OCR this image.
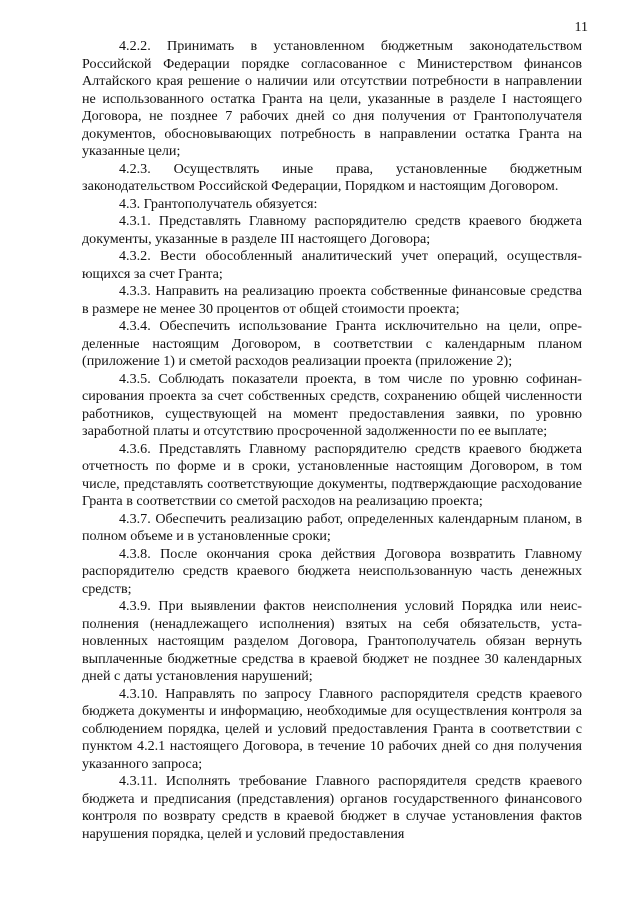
11

4.2.2. Принимать в установленном бюджетным законодательством Российской Федерации порядке согласованное с Министерством финансов Алтайского края решение о наличии или отсутствии потребности в направлении не использованного остатка Гранта на цели, указанные в разделе I настоящего Договора, не позднее 7 рабочих дней со дня получения от Грантополучателя документов, обосновывающих потребность в направлении остатка Гранта на указанные цели;

4.2.3. Осуществлять иные права, установленные бюджетным законодательством Российской Федерации, Порядком и настоящим Договором.

4.3. Грантополучатель обязуется:

4.3.1. Представлять Главному распорядителю средств краевого бюджета документы, указанные в разделе III настоящего Договора;

4.3.2. Вести обособленный аналитический учет операций, осуществляющихся за счет Гранта;

4.3.3. Направить на реализацию проекта собственные финансовые средства в размере не менее 30 процентов от общей стоимости проекта;

4.3.4. Обеспечить использование Гранта исключительно на цели, определенные настоящим Договором, в соответствии с календарным планом (приложение 1) и сметой расходов реализации проекта (приложение 2);

4.3.5. Соблюдать показатели проекта, в том числе по уровню софинансирования проекта за счет собственных средств, сохранению общей численности работников, существующей на момент предоставления заявки, по уровню заработной платы и отсутствию просроченной задолженности по ее выплате;

4.3.6. Представлять Главному распорядителю средств краевого бюджета отчетность по форме и в сроки, установленные настоящим Договором, в том числе, представлять соответствующие документы, подтверждающие расходование Гранта в соответствии со сметой расходов на реализацию проекта;

4.3.7. Обеспечить реализацию работ, определенных календарным планом, в полном объеме и в установленные сроки;

4.3.8. После окончания срока действия Договора возвратить Главному распорядителю средств краевого бюджета неиспользованную часть денежных средств;

4.3.9. При выявлении фактов неисполнения условий Порядка или неисполнения (ненадлежащего исполнения) взятых на себя обязательств, установленных настоящим разделом Договора, Грантополучатель обязан вернуть выплаченные бюджетные средства в краевой бюджет не позднее 30 календарных дней с даты установления нарушений;

4.3.10. Направлять по запросу Главного распорядителя средств краевого бюджета документы и информацию, необходимые для осуществления контроля за соблюдением порядка, целей и условий предоставления Гранта в соответствии с пунктом 4.2.1 настоящего Договора, в течение 10 рабочих дней со дня получения указанного запроса;

4.3.11. Исполнять требование Главного распорядителя средств краевого бюджета и предписания (представления) органов государственного финансового контроля по возврату средств в краевой бюджет в случае установления фактов нарушения порядка, целей и условий предоставления
